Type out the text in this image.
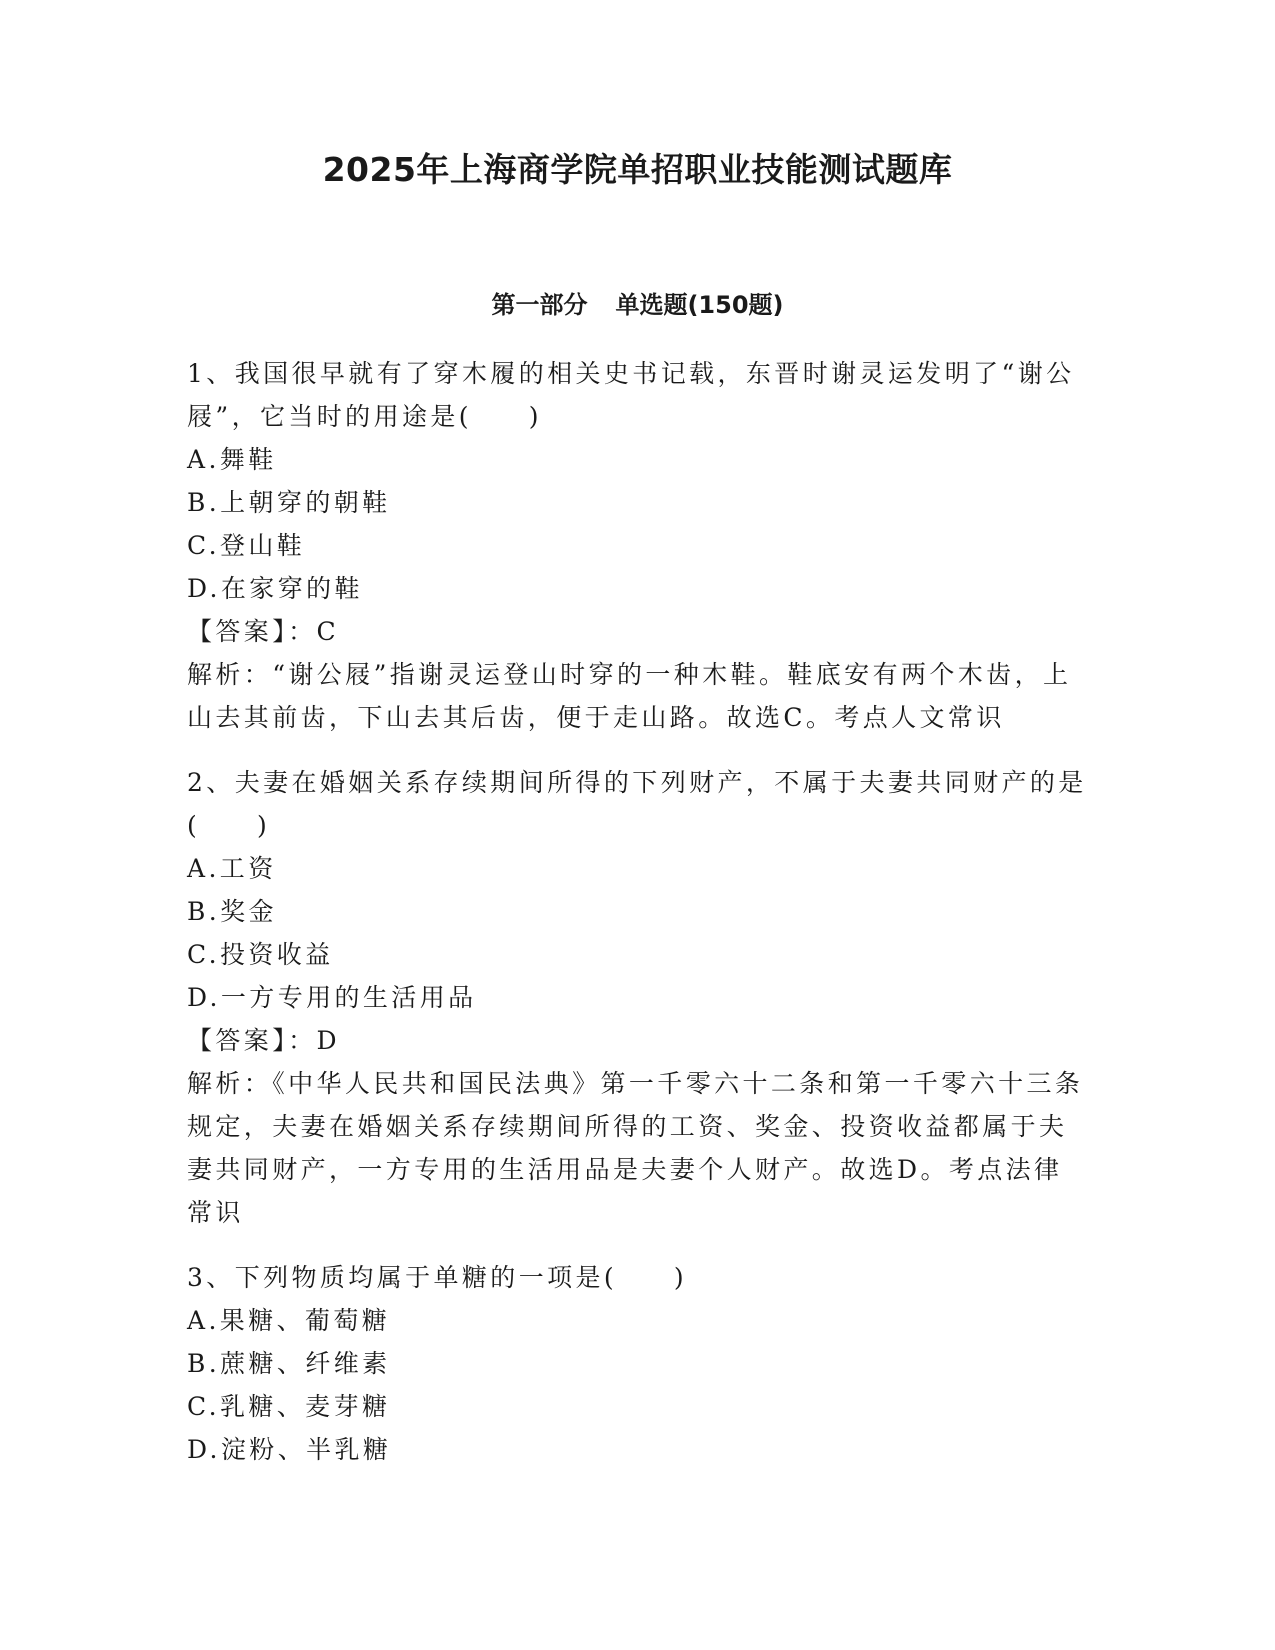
2025年上海商学院单招职业技能测试题库
第一部分 单选题(150题)

1、我国很早就有了穿木履的相关史书记载，东晋时谢灵运发明了“谢公屐”，它当时的用途是(　　)

A.舞鞋

B.上朝穿的朝鞋

C.登山鞋

D.在家穿的鞋

【答案】：C

解析：“谢公屐”指谢灵运登山时穿的一种木鞋。鞋底安有两个木齿，上山去其前齿，下山去其后齿，便于走山路。故选C。考点人文常识

2、夫妻在婚姻关系存续期间所得的下列财产，不属于夫妻共同财产的是(　　)

A.工资

B.奖金

C.投资收益

D.一方专用的生活用品

【答案】：D

解析：《中华人民共和国民法典》第一千零六十二条和第一千零六十三条规定，夫妻在婚姻关系存续期间所得的工资、奖金、投资收益都属于夫妻共同财产，一方专用的生活用品是夫妻个人财产。故选D。考点法律常识

3、下列物质均属于单糖的一项是(　　)

A.果糖、葡萄糖

B.蔗糖、纤维素

C.乳糖、麦芽糖

D.淀粉、半乳糖
